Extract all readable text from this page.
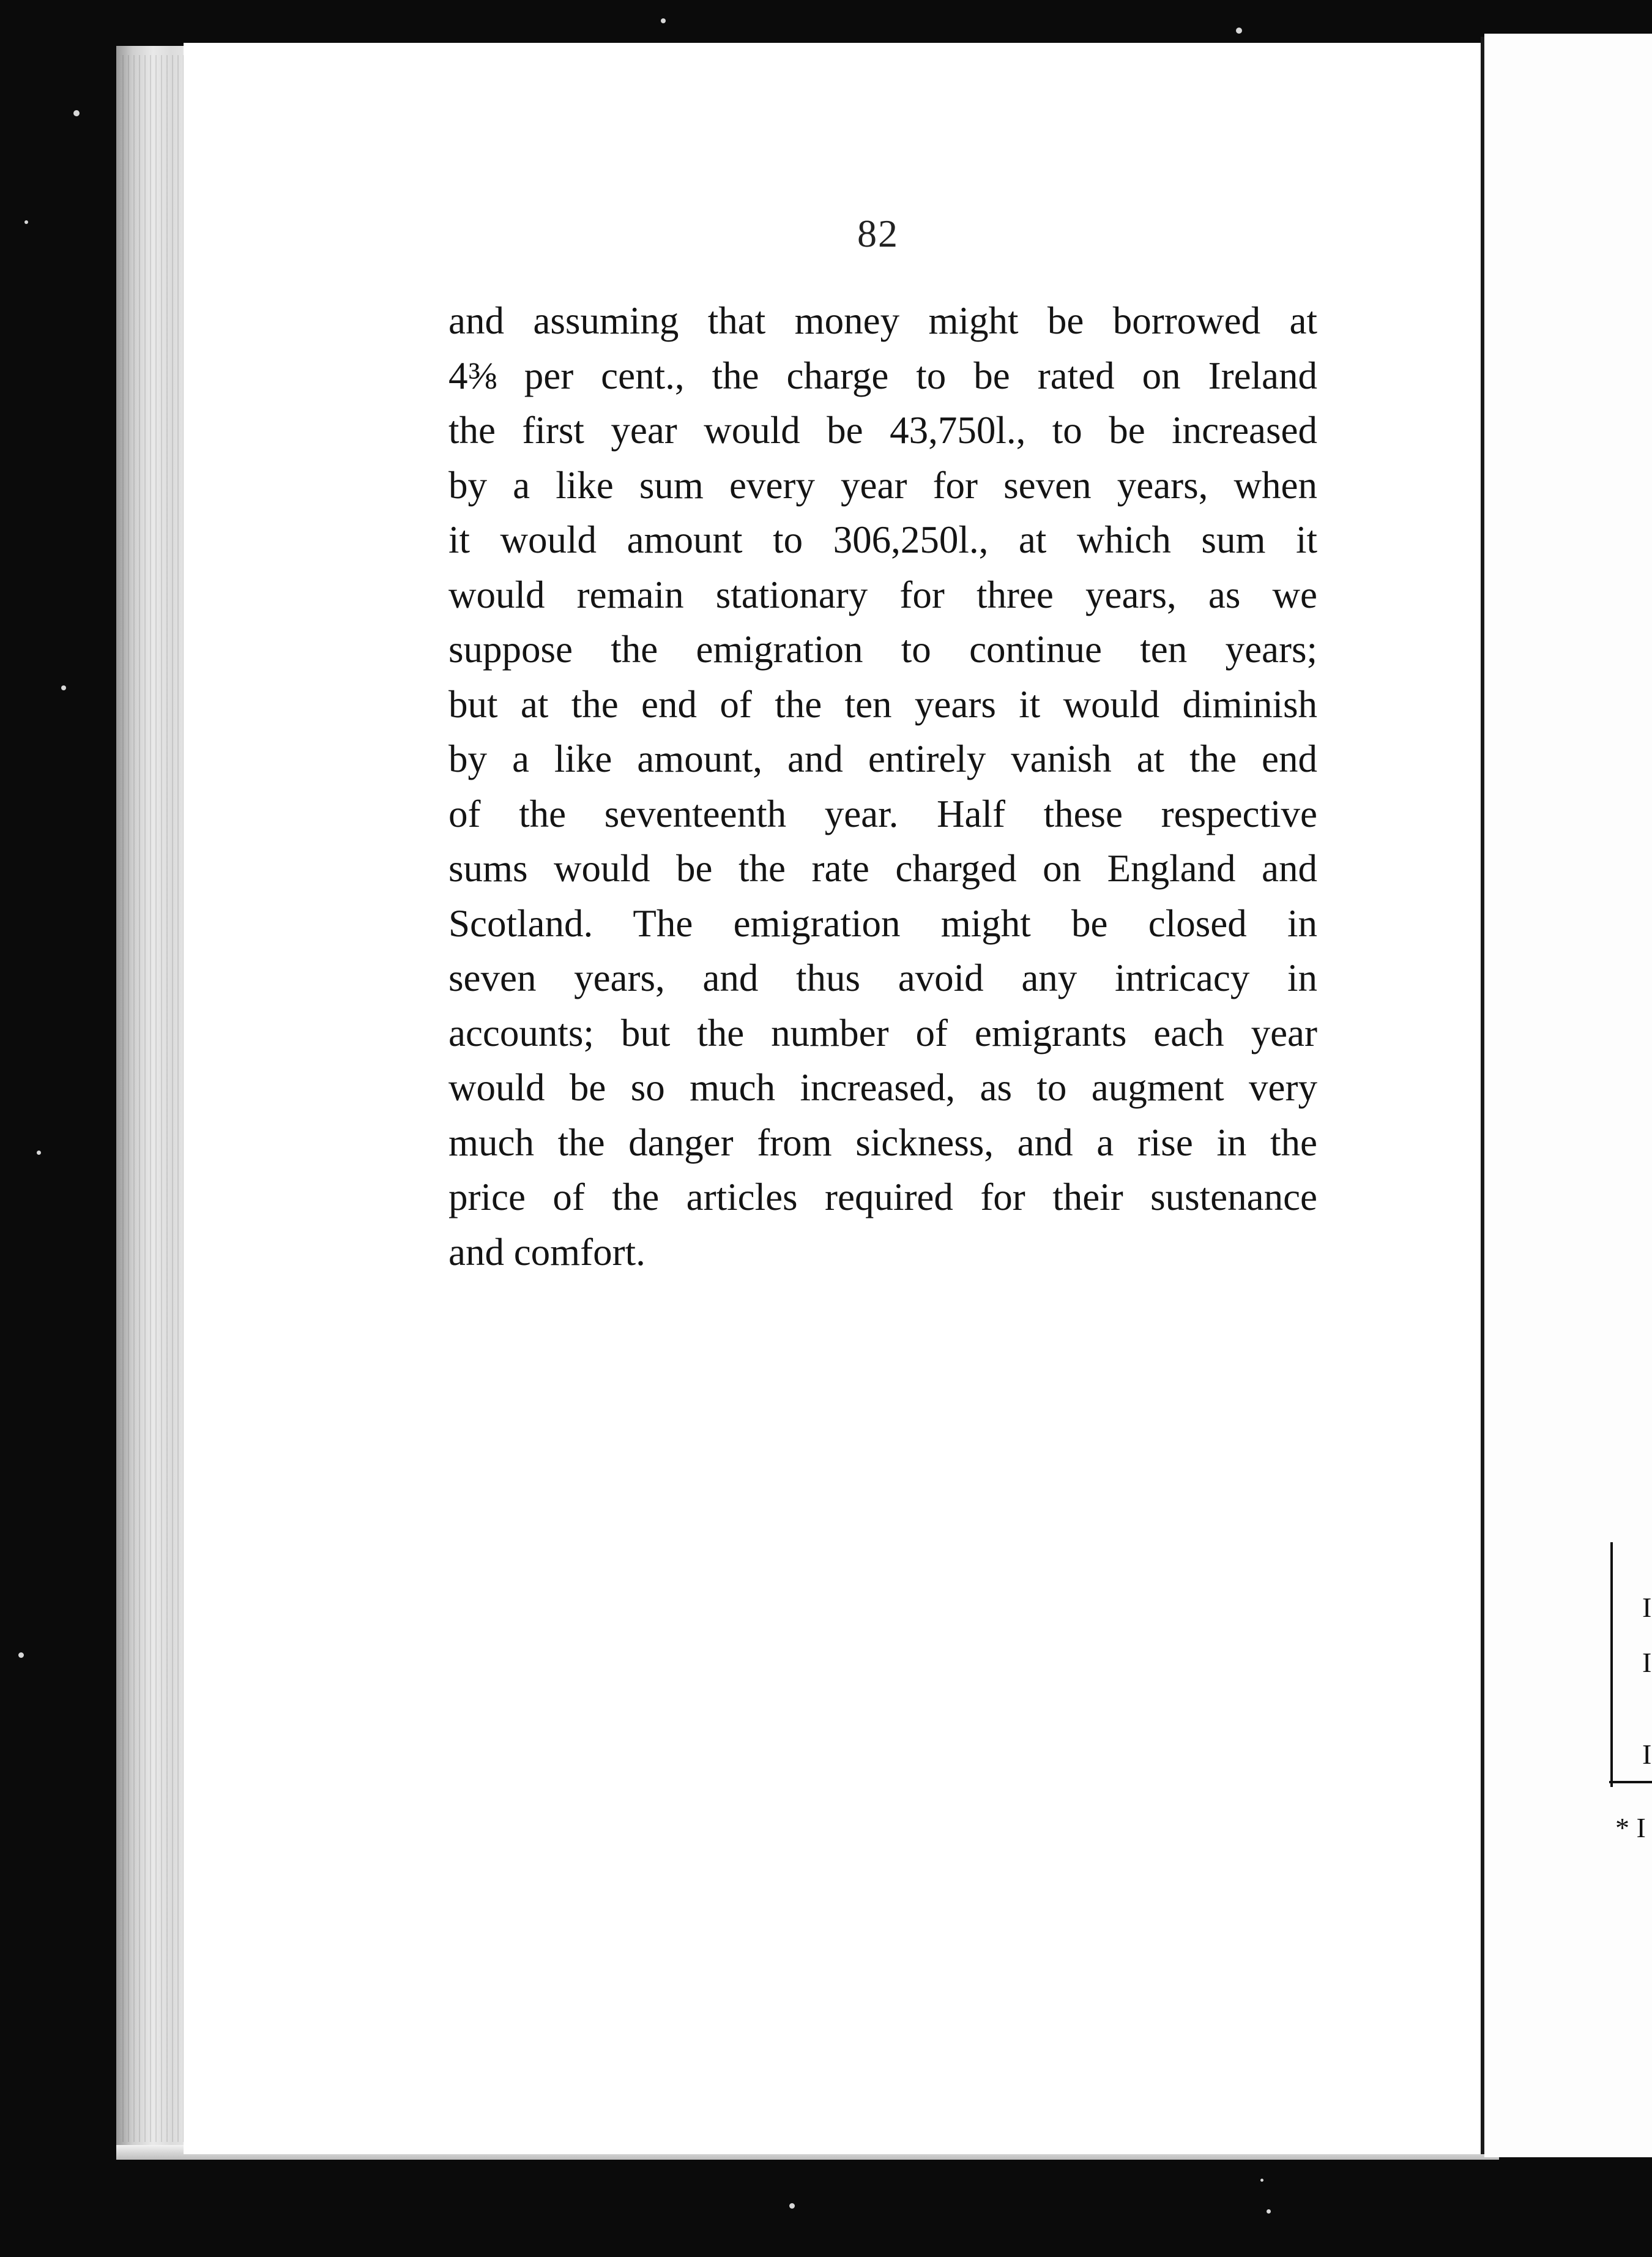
I
I
I
* I
82
and assuming that money might be borrowed at
4⅜ per cent., the charge to be rated on Ireland
the first year would be 43,750l., to be increased
by a like sum every year for seven years, when
it would amount to 306,250l., at which sum it
would remain stationary for three years, as we
suppose the emigration to continue ten years;
but at the end of the ten years it would diminish
by a like amount, and entirely vanish at the end
of the seventeenth year. Half these respective
sums would be the rate charged on England and
Scotland. The emigration might be closed in
seven years, and thus avoid any intricacy in
accounts; but the number of emigrants each year
would be so much increased, as to augment very
much the danger from sickness, and a rise in the
price of the articles required for their sustenance
and comfort.
